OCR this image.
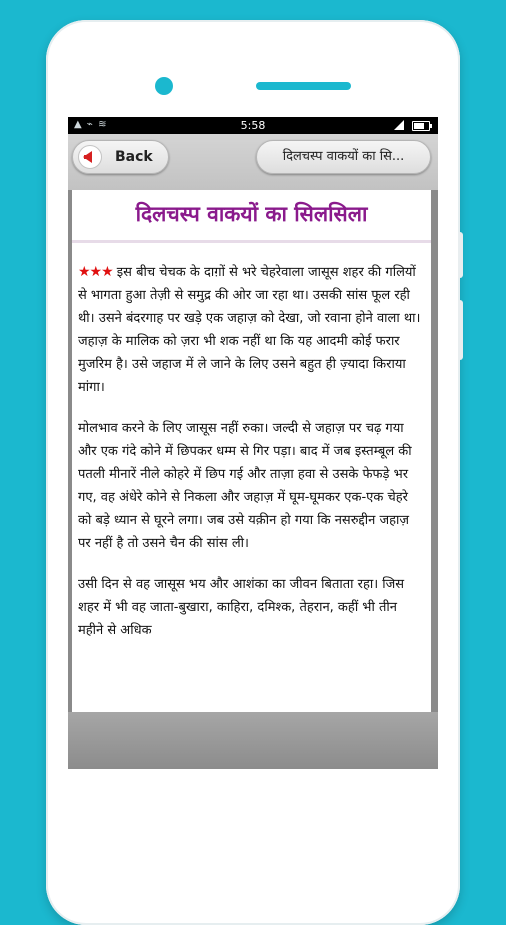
▲ ⌁ ≋	5:58
Back	दिलचस्प वाकयों का सि...
दिलचस्प वाकयों का सिलसिला

★★★ इस बीच चेचक के दाग़ों से भरे चेहरेवाला जासूस शहर की गलियों से भागता हुआ तेज़ी से समुद्र की ओर जा रहा था। उसकी सांस फूल रही थी। उसने बंदरगाह पर खड़े एक जहाज़ को देखा, जो रवाना होने वाला था। जहाज़ के मालिक को ज़रा भी शक नहीं था कि यह आदमी कोई फरार मुजरिम है। उसे जहाज में ले जाने के लिए उसने बहुत ही ज़्यादा किराया मांगा।

मोलभाव करने के लिए जासूस नहीं रुका। जल्दी से जहाज़ पर चढ़ गया और एक गंदे कोने में छिपकर धम्म से गिर पड़ा। बाद में जब इस्तम्बूल की पतली मीनारें नीले कोहरे में छिप गई और ताज़ा हवा से उसके फेफड़े भर गए, वह अंधेरे कोने से निकला और जहाज़ में घूम-घूमकर एक-एक चेहरे को बड़े ध्यान से घूरने लगा। जब उसे यक़ीन हो गया कि नसरुद्दीन जहाज़ पर नहीं है तो उसने चैन की सांस ली।

उसी दिन से वह जासूस भय और आशंका का जीवन बिताता रहा। जिस शहर में भी वह जाता-बुखारा, काहिरा, दमिश्क, तेहरान, कहीं भी तीन महीने से अधिक
